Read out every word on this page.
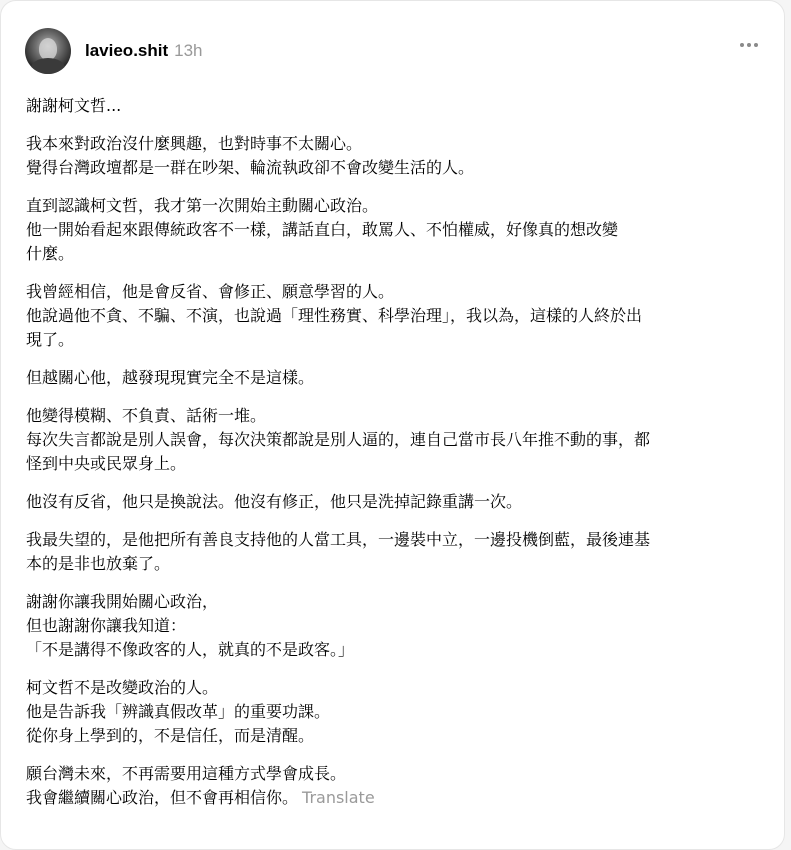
lavieo.shit 13h
謝謝柯文哲...
我本來對政治沒什麼興趣，也對時事不太關心。
覺得台灣政壇都是一群在吵架、輪流執政卻不會改變生活的人。
直到認識柯文哲，我才第一次開始主動關心政治。
他一開始看起來跟傳統政客不一樣，講話直白，敢罵人、不怕權威，好像真的想改變
什麼。
我曾經相信，他是會反省、會修正、願意學習的人。
他說過他不貪、不騙、不演，也說過「理性務實、科學治理」，我以為，這樣的人終於出
現了。
但越關心他，越發現現實完全不是這樣。
他變得模糊、不負責、話術一堆。
每次失言都說是別人誤會，每次決策都說是別人逼的，連自己當市長八年推不動的事，都
怪到中央或民眾身上。
他沒有反省，他只是換說法。他沒有修正，他只是洗掉記錄重講一次。
我最失望的，是他把所有善良支持他的人當工具，一邊裝中立，一邊投機倒藍，最後連基
本的是非也放棄了。
謝謝你讓我開始關心政治，
但也謝謝你讓我知道：
「不是講得不像政客的人，就真的不是政客。」
柯文哲不是改變政治的人。
他是告訴我「辨識真假改革」的重要功課。
從你身上學到的，不是信任，而是清醒。
願台灣未來，不再需要用這種方式學會成長。
我會繼續關心政治，但不會再相信你。 Translate
